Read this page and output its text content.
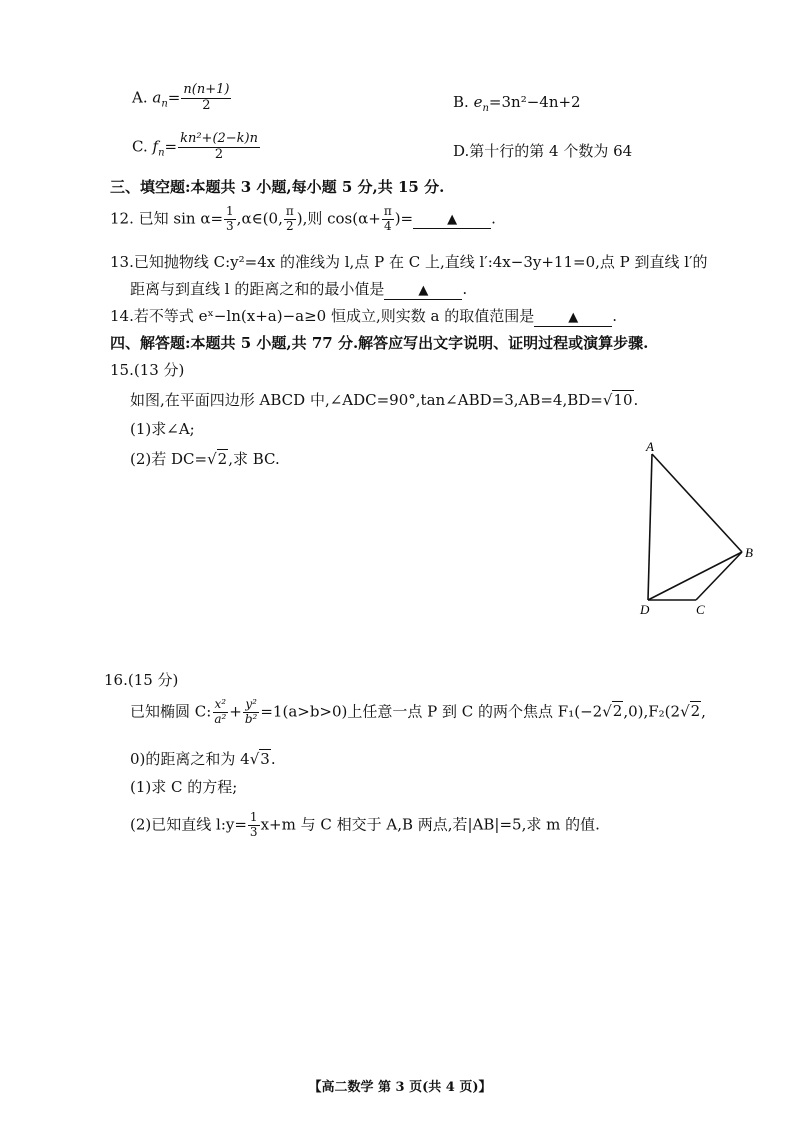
A. $a_n= \frac{n(n+1)}{2}$	B. $e_n=3n^2-4n+2$
C. $f_n= \frac{\text{kn²+(2−k)n}}{2}$	D.第十行的第 4 个数为 64
三、填空题:本题共 3 小题,每小题 5 分,共 15 分.
12. 已知 $\sin \alpha= \frac{1}{3}$ ,α∈(0, $\frac{\pi}{2}$ ),则 $\cos(\alpha+ \frac{\pi}{4}$ )=	▲ .
13.已知抛物线 C:y²=4x 的准线为 l,点 P 在 C 上,直线 l′:4x−3y+11=0,点 P 到直线 l′的
距离与到直线 l 的距离之和的最小值是	▲ .
14.若不等式 eˣ−ln(x+a)−a≥0 恒成立,则实数 a 的取值范围是	▲ .
四、解答题:本题共 5 小题,共 77 分.解答应写出文字说明、证明过程或演算步骤.
15.(13 分)
如图,在平面四边形 ABCD 中,∠ADC=90°,tan∠ABD=3,AB=4,BD=√10.
(1)求∠A;
(2)若 DC=√2,求 BC.
A
B
D	C
16.(15 分)
已知椭圆 C: $\frac{\text{x²}}{\text{a²}} + \frac{\text{y²}}{\text{b²}} =1(a>b>0)$上任意一点 P 到 C 的两个焦点 F₁(−2√2,0),F₂(2√2,
0)的距离之和为 4√3.
(1)求 C 的方程;
(2)已知直线 l:y= $\frac{1}{3} x+m$ 与 C 相交于 A,B 两点,若|AB|=5,求 m 的值.
【高二数学 第 3 页(共 4 页)】
